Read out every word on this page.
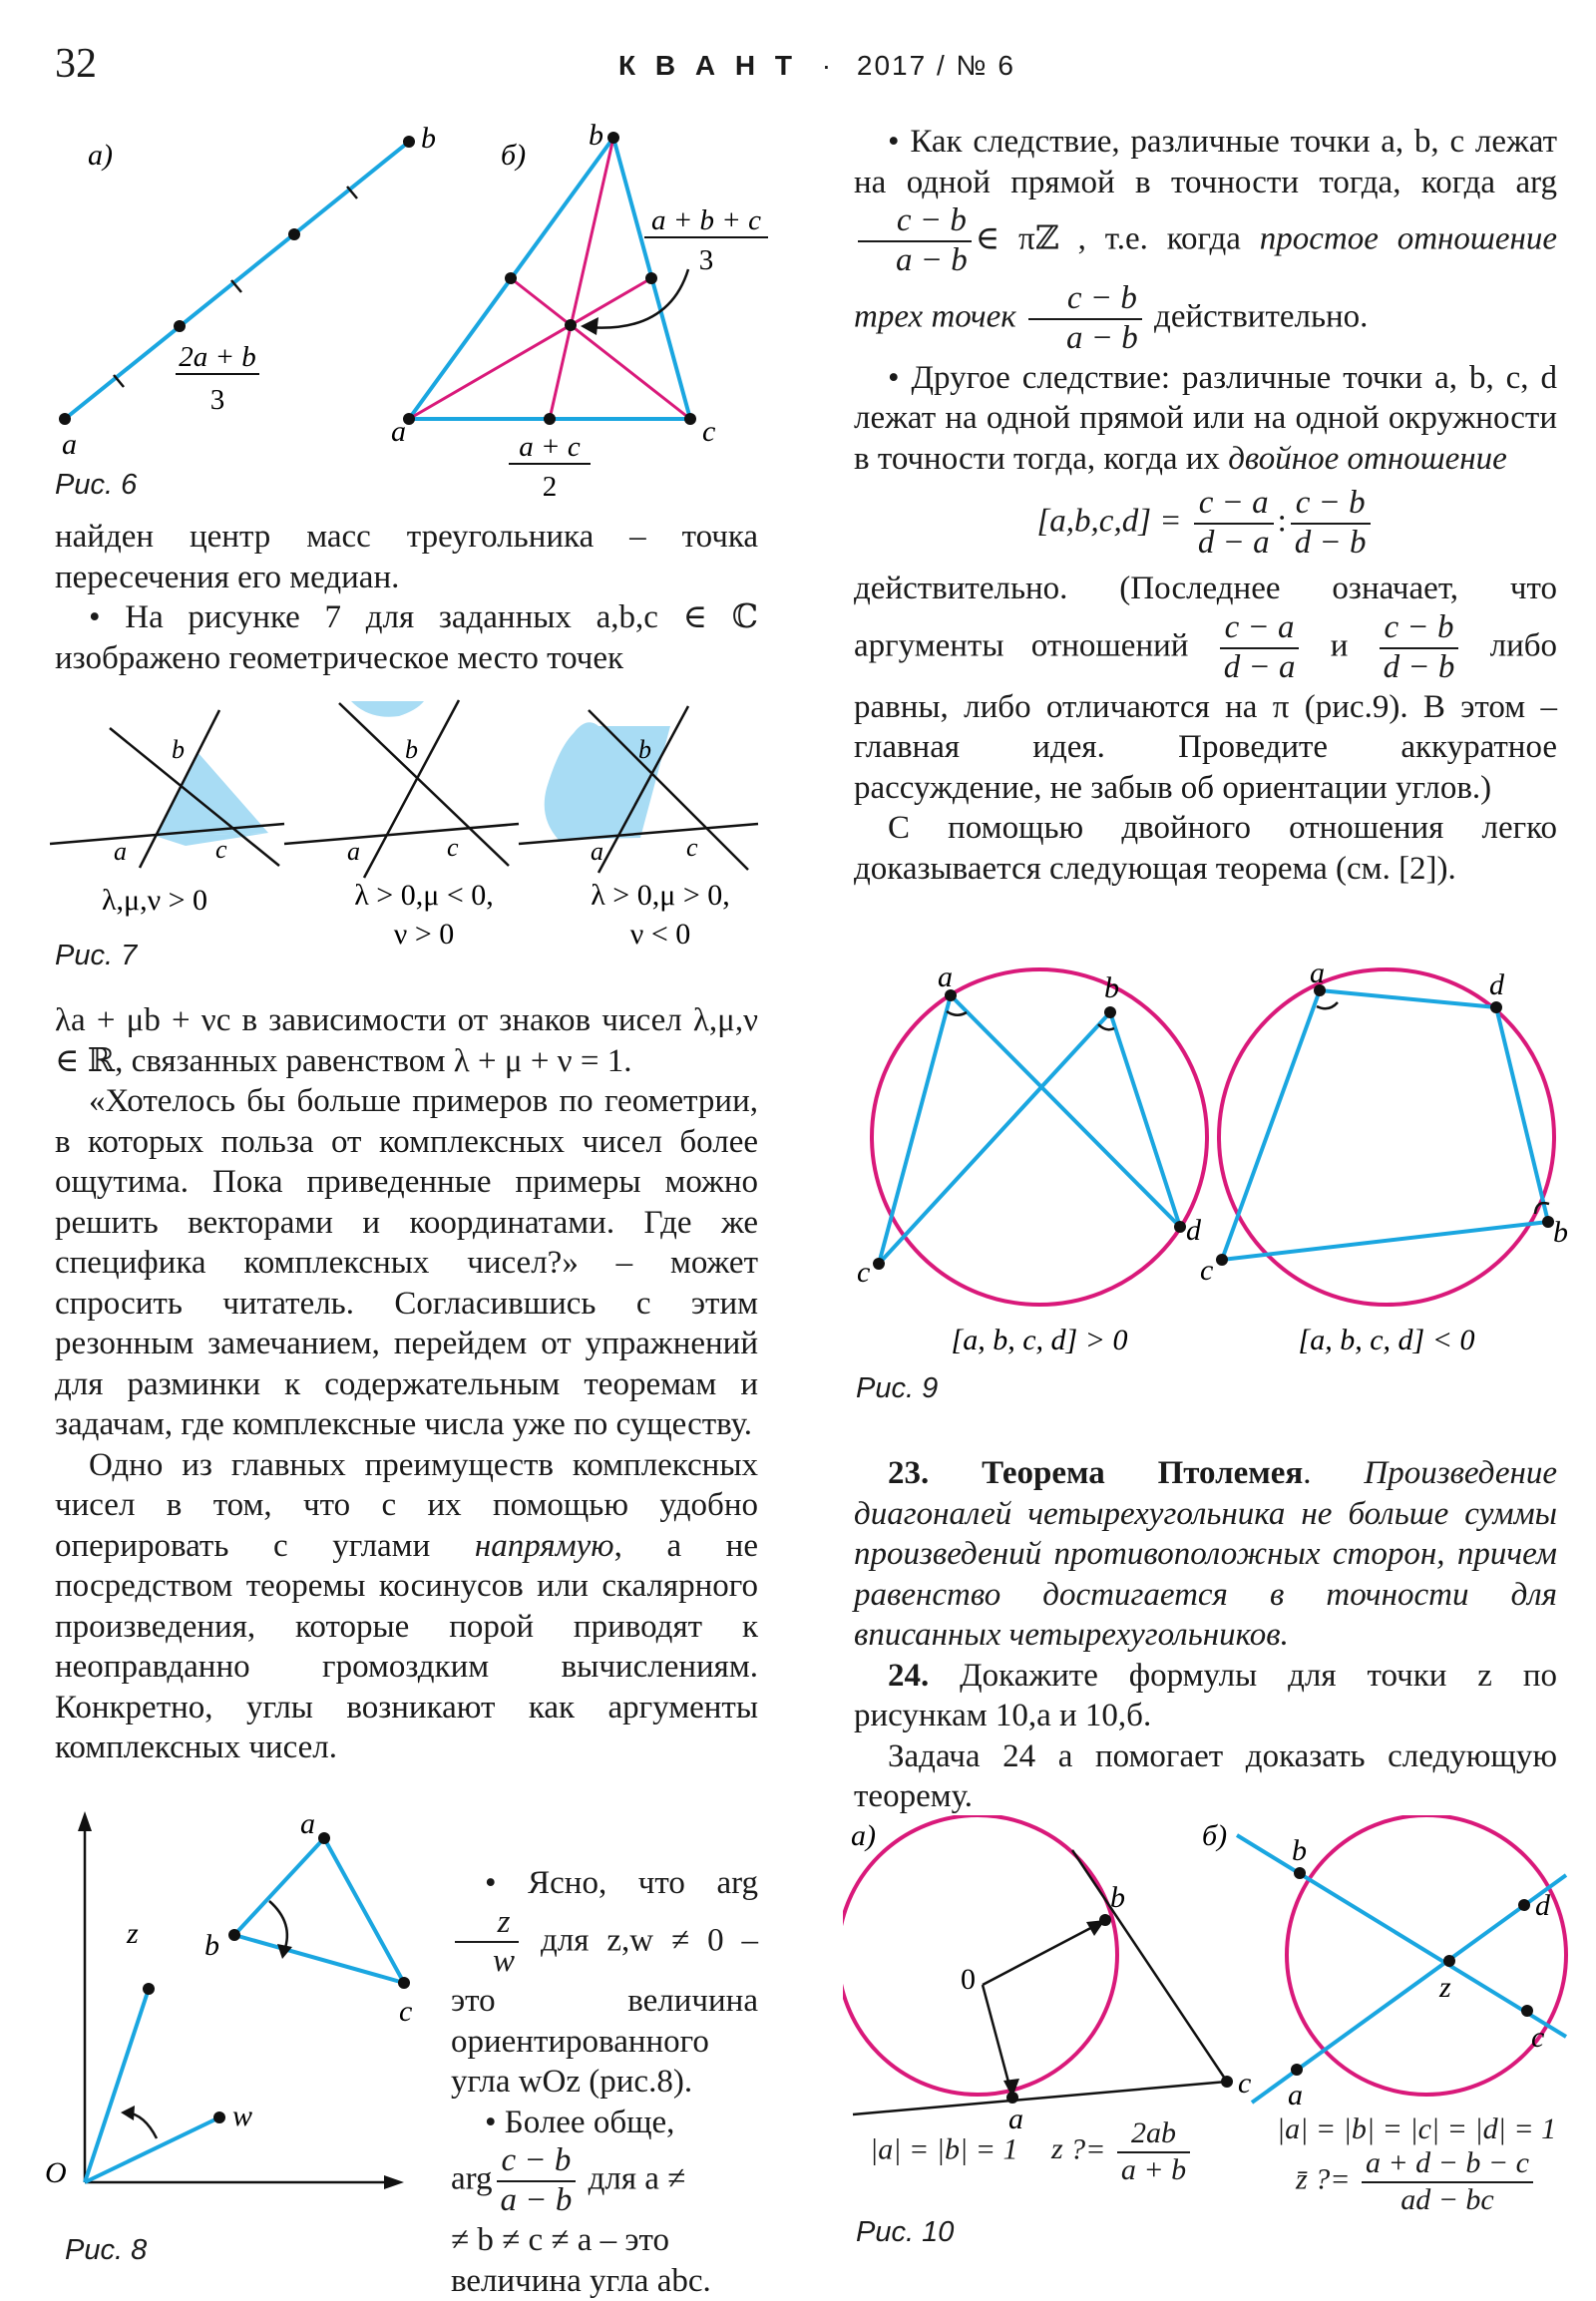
32	К В А Н Т · 2017 / № 6
а)
a
b
2a + b
3
б)
a
b
c
a + b + c
3
a + c
2
Рис. 6

найден центр масс треугольника – точка пересечения его медиан.

• На рисунке 7 для заданных a,b,c ∈ ℂ изображено геометрическое место точек

a
b
c	a
b
c	a
b
c
λ,μ,ν > 0	λ > 0,μ < 0,
ν > 0
λ > 0,μ > 0,
ν < 0
Рис. 7

λa + μb + νc в зависимости от знаков чисел λ,μ,ν ∈ ℝ, связанных равенством λ + μ + ν = 1.

«Хотелось бы больше примеров по геометрии, в которых польза от комплексных чисел более ощутима. Пока приведенные примеры можно решить векторами и координатами. Где же специфика комплексных чисел?» – может спросить читатель. Согласившись с этим резонным замечанием, перейдем от упражнений для разминки к содержательным теоремам и задачам, где комплексные числа уже по существу.

Одно из главных преимуществ комплексных чисел в том, что с их помощью удобно оперировать с углами напрямую, а не посредством теоремы косинусов или скалярного произведения, которые порой приводят к неоправданно громоздким вычислениям. Конкретно, углы возникают как аргументы комплексных чисел.

O
z
w
a
b
c
Рис. 8

• Ясно, что arg
$\frac{z}{w}$ для z,w ≠ 0 – это величина ориентированного угла wOz (рис.8).

• Более обще,

arg $\frac{c - b}{a - b}$ для a ≠

≠ b ≠ c ≠ a – это

величина угла abc.

• Как следствие, различные точки a, b, c лежат на одной прямой в точности тогда, когда arg
$\frac{c - b}{a - b}$ ∈ πℤ , т.е. когда простое отношение трех точек $\frac{c - b}{a - b}$ действительно.

• Другое следствие: различные точки a, b, c, d лежат на одной прямой или на одной окружности в точности тогда, когда их двойное отношение

$[a,b,c,d] = \frac{c - a}{d - a}$ : $\frac{c - b}{d - b}$

действительно. (Последнее означает, что аргументы отношений $\frac{c - a}{d - a}$ и $\frac{c - b}{d - b}$ либо равны, либо отличаются на π (рис.9). В этом – главная идея. Проведите аккуратное рассуждение, не забыв об ориентации углов.)

С помощью двойного отношения легко доказывается следующая теорема (см. [2]).

a	b
c
d
[a, b, c, d] > 0
a	d
b
c
[a, b, c, d] < 0
Рис. 9

23. Теорема Птолемея. Произведение диагоналей четырехугольника не больше суммы произведений противоположных сторон, причем равенство достигается в точности для вписанных четырехугольников.

24. Докажите формулы для точки z по рисункам 10,а и 10,б.

Задача 24 а помогает доказать следующую теорему.

а)
0
b
a
c
б) b
c
d
a
z
|a| = |b| = 1 z ?= $\frac{2ab}{a + b}$	|a| = |b| = |c| = |d| = 1
z̄ ?= $\frac{a + d - b - c}{ad - bc}$
Рис. 10
